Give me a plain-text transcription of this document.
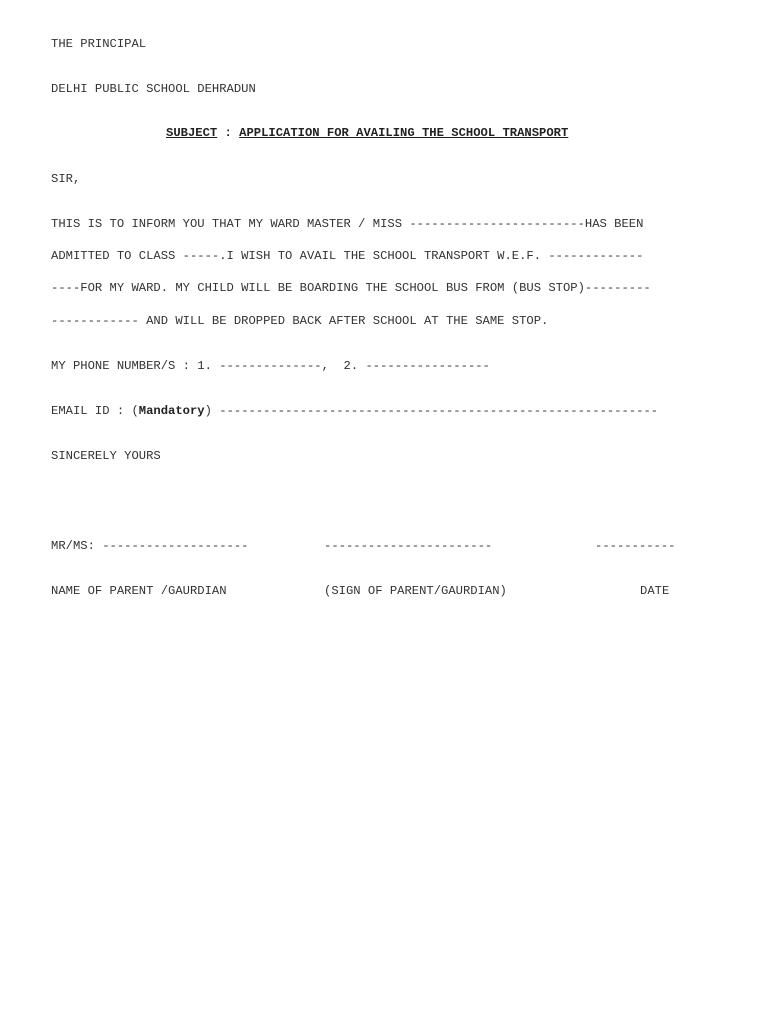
THE PRINCIPAL
DELHI PUBLIC SCHOOL DEHRADUN
SUBJECT : APPLICATION FOR AVAILING THE SCHOOL TRANSPORT
SIR,
THIS IS TO INFORM YOU THAT MY WARD MASTER / MISS ------------------------HAS BEEN
ADMITTED TO CLASS -----.I WISH TO AVAIL THE SCHOOL TRANSPORT W.E.F. -------------
----FOR MY WARD. MY CHILD WILL BE BOARDING THE SCHOOL BUS FROM (BUS STOP)---------
------------ AND WILL BE DROPPED BACK AFTER SCHOOL AT THE SAME STOP.
MY PHONE NUMBER/S : 1. --------------,  2. -----------------
EMAIL ID : (Mandatory) ------------------------------------------------------------
SINCERELY YOURS
MR/MS: --------------------	-----------------------	-----------
NAME OF PARENT /GAURDIAN	(SIGN OF PARENT/GAURDIAN)	DATE
